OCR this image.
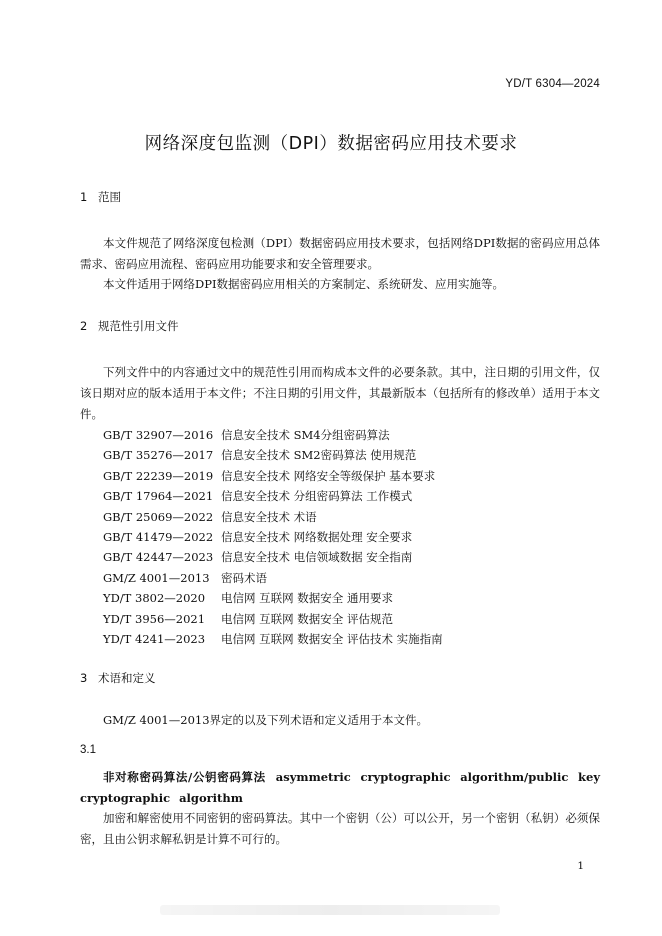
YD/T 6304—2024
网络深度包监测（DPI）数据密码应用技术要求
1 范围
本文件规范了网络深度包检测（DPI）数据密码应用技术要求，包括网络DPI数据的密码应用总体需求、密码应用流程、密码应用功能要求和安全管理要求。
本文件适用于网络DPI数据密码应用相关的方案制定、系统研发、应用实施等。
2 规范性引用文件
下列文件中的内容通过文中的规范性引用而构成本文件的必要条款。其中，注日期的引用文件，仅该日期对应的版本适用于本文件；不注日期的引用文件，其最新版本（包括所有的修改单）适用于本文件。
GB/T 32907—2016 信息安全技术 SM4分组密码算法
GB/T 35276—2017 信息安全技术 SM2密码算法 使用规范
GB/T 22239—2019 信息安全技术 网络安全等级保护 基本要求
GB/T 17964—2021 信息安全技术 分组密码算法 工作模式
GB/T 25069—2022 信息安全技术 术语
GB/T 41479—2022 信息安全技术 网络数据处理 安全要求
GB/T 42447—2023 信息安全技术 电信领域数据 安全指南
GM/Z 4001—2013 密码术语
YD/T 3802—2020 电信网 互联网 数据安全 通用要求
YD/T 3956—2021 电信网 互联网 数据安全 评估规范
YD/T 4241—2023 电信网 互联网 数据安全 评估技术 实施指南
3 术语和定义
GM/Z 4001—2013界定的以及下列术语和定义适用于本文件。
3.1
非对称密码算法/公钥密码算法 asymmetric cryptographic algorithm/public key cryptographic algorithm
加密和解密使用不同密钥的密码算法。其中一个密钥（公）可以公开，另一个密钥（私钥）必须保密，且由公钥求解私钥是计算不可行的。
1
